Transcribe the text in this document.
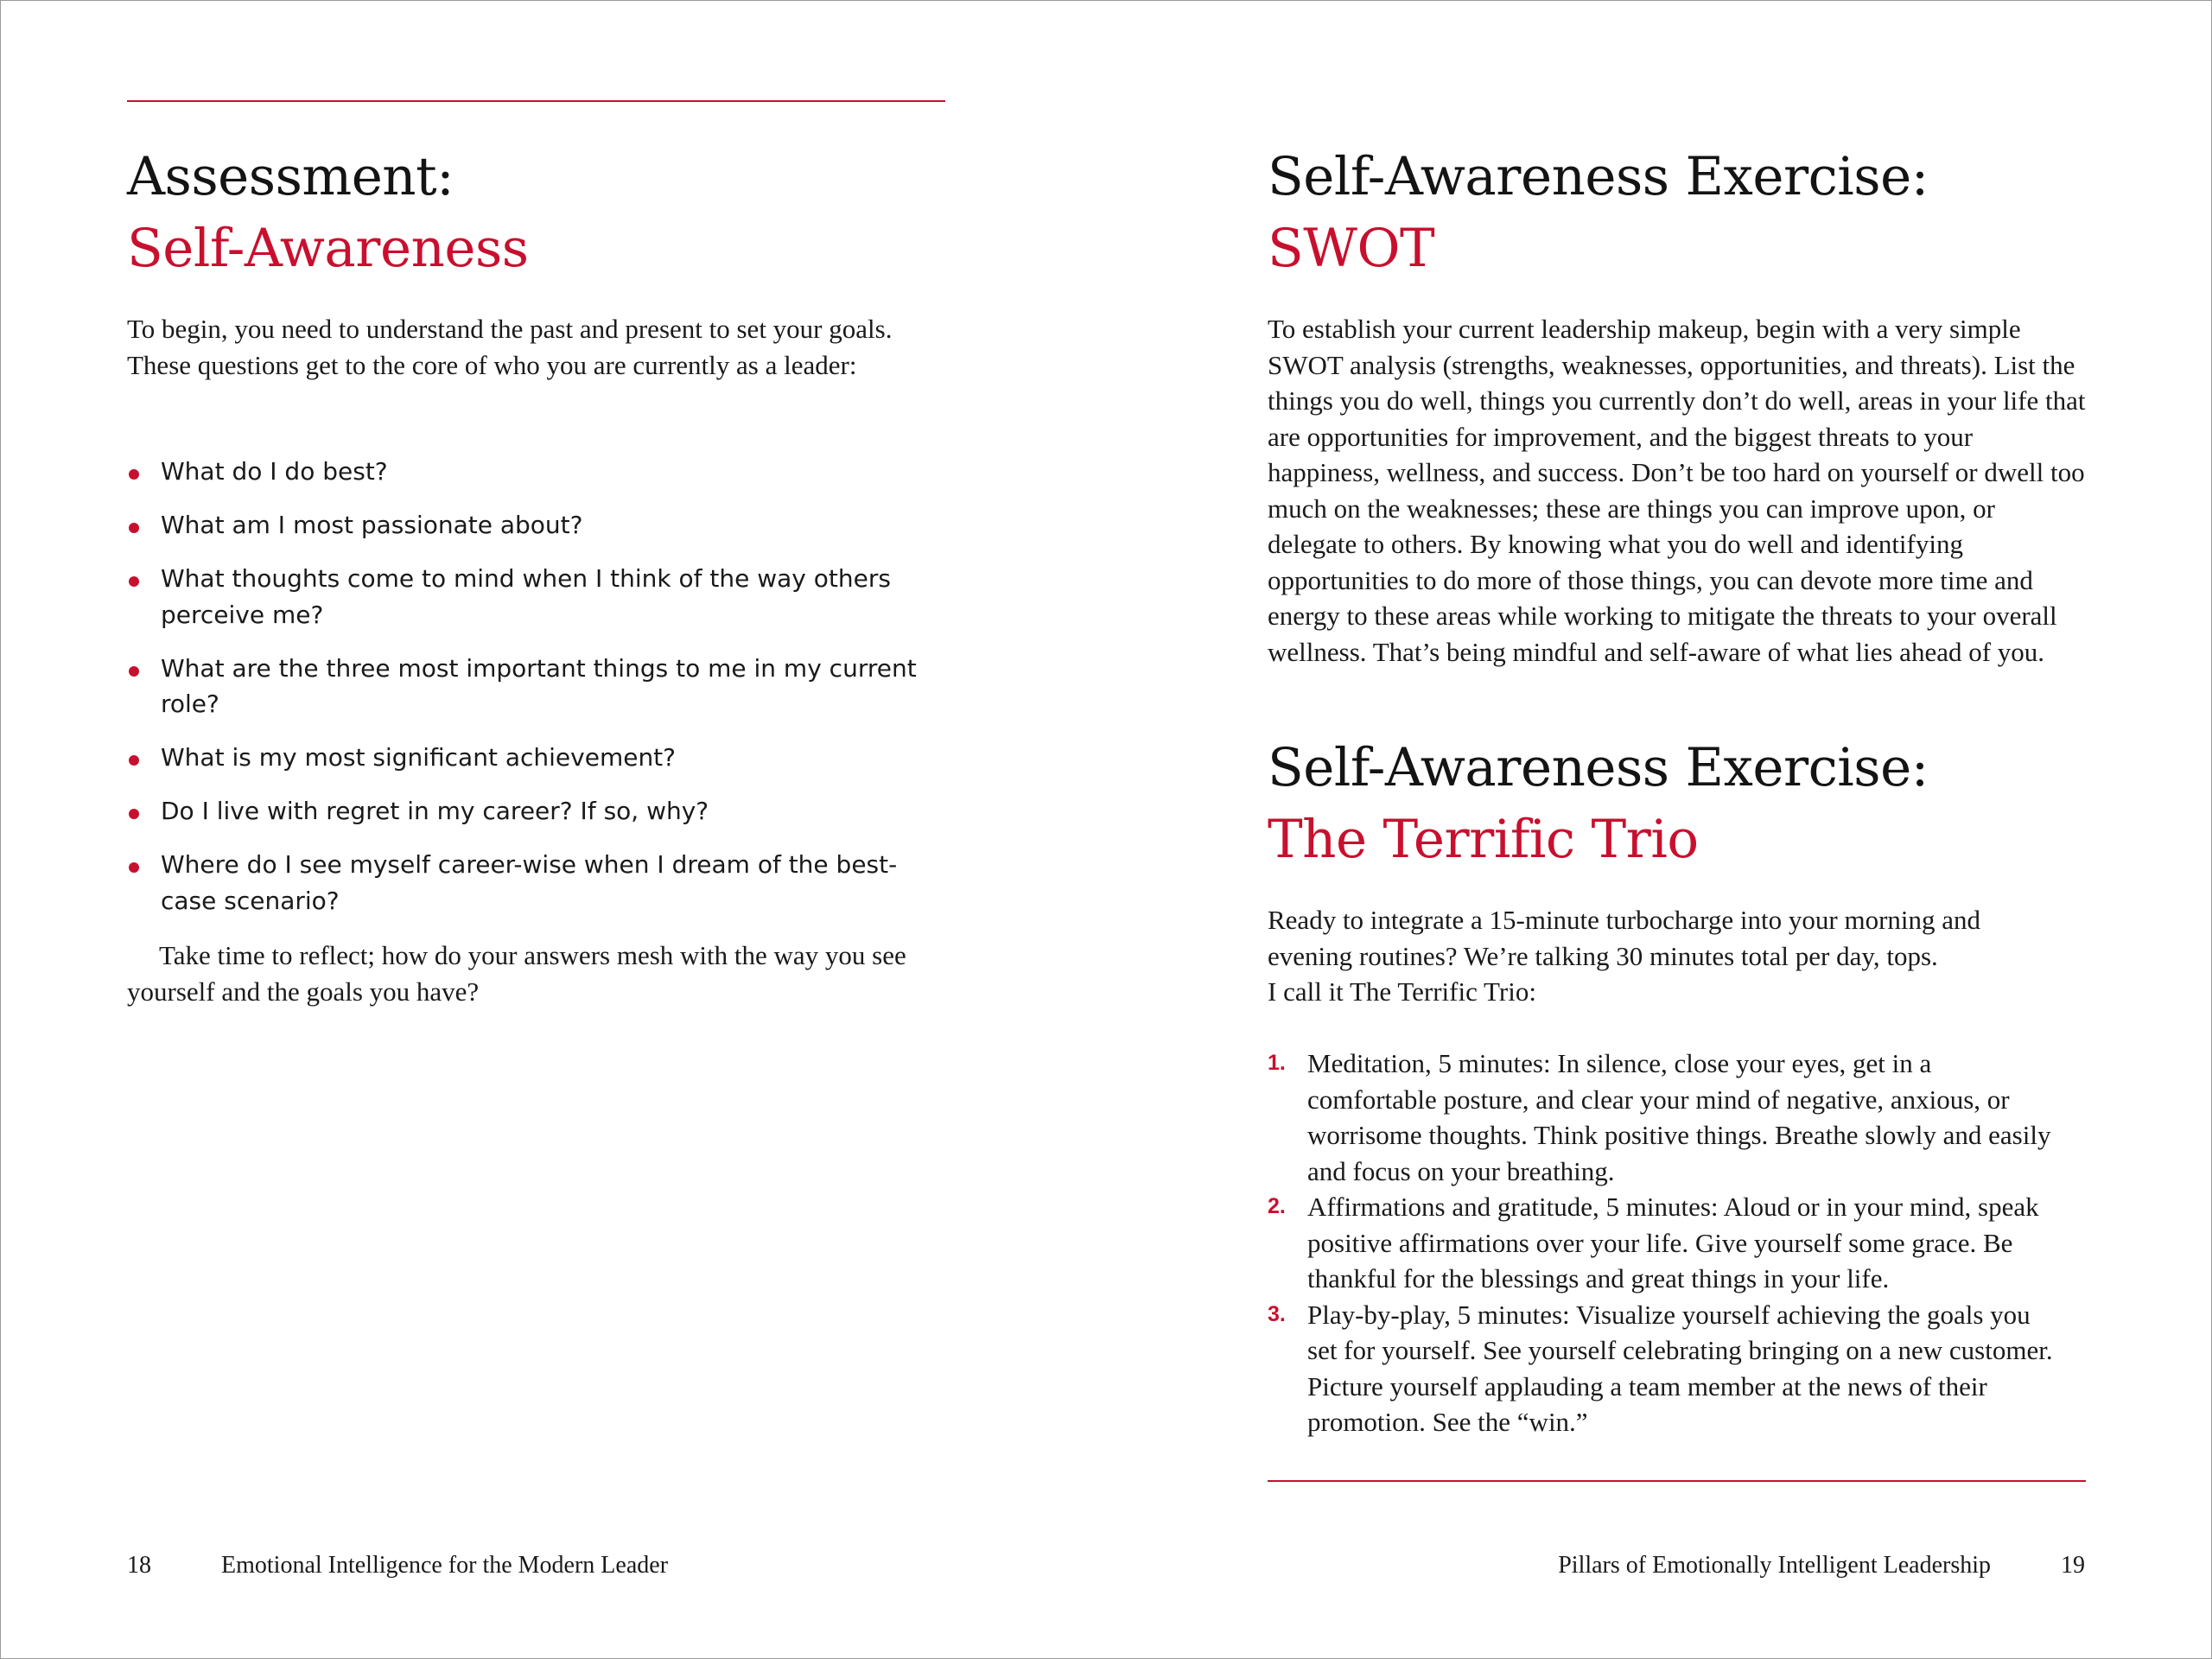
Assessment:
Self-Awareness

To begin, you need to understand the past and present to set your goals. These questions get to the core of who you are currently as a leader:

What do I do best?
What am I most passionate about?
What thoughts come to mind when I think of the way others perceive me?
What are the three most important things to me in my current role?
What is my most significant achievement?
Do I live with regret in my career? If so, why?
Where do I see myself career-wise when I dream of the best-case scenario?

Take time to reflect; how do your answers mesh with the way you see yourself and the goals you have?

18	Emotional Intelligence for the Modern Leader
Self-Awareness Exercise:
SWOT

To establish your current leadership makeup, begin with a very simple SWOT analysis (strengths, weaknesses, opportunities, and threats). List the things you do well, things you currently don’t do well, areas in your life that are opportunities for improvement, and the biggest threats to your happiness, wellness, and success. Don’t be too hard on yourself or dwell too much on the weaknesses; these are things you can improve upon, or delegate to others. By knowing what you do well and identifying opportunities to do more of those things, you can devote more time and energy to these areas while working to mitigate the threats to your overall wellness. That’s being mindful and self-aware of what lies ahead of you.

Self-Awareness Exercise:
The Terrific Trio

Ready to integrate a 15-minute turbocharge into your morning and
evening routines? We’re talking 30 minutes total per day, tops.
I call it The Terrific Trio:

1. Meditation, 5 minutes: In silence, close your eyes, get in a comfortable posture, and clear your mind of negative, anxious, or worrisome thoughts. Think positive things. Breathe slowly and easily and focus on your breathing.
2. Affirmations and gratitude, 5 minutes: Aloud or in your mind, speak positive affirmations over your life. Give yourself some grace. Be thankful for the blessings and great things in your life.
3. Play-by-play, 5 minutes: Visualize yourself achieving the goals you set for yourself. See yourself celebrating bringing on a new customer. Picture yourself applauding a team member at the news of their promotion. See the “win.”
Pillars of Emotionally Intelligent Leadership	19
